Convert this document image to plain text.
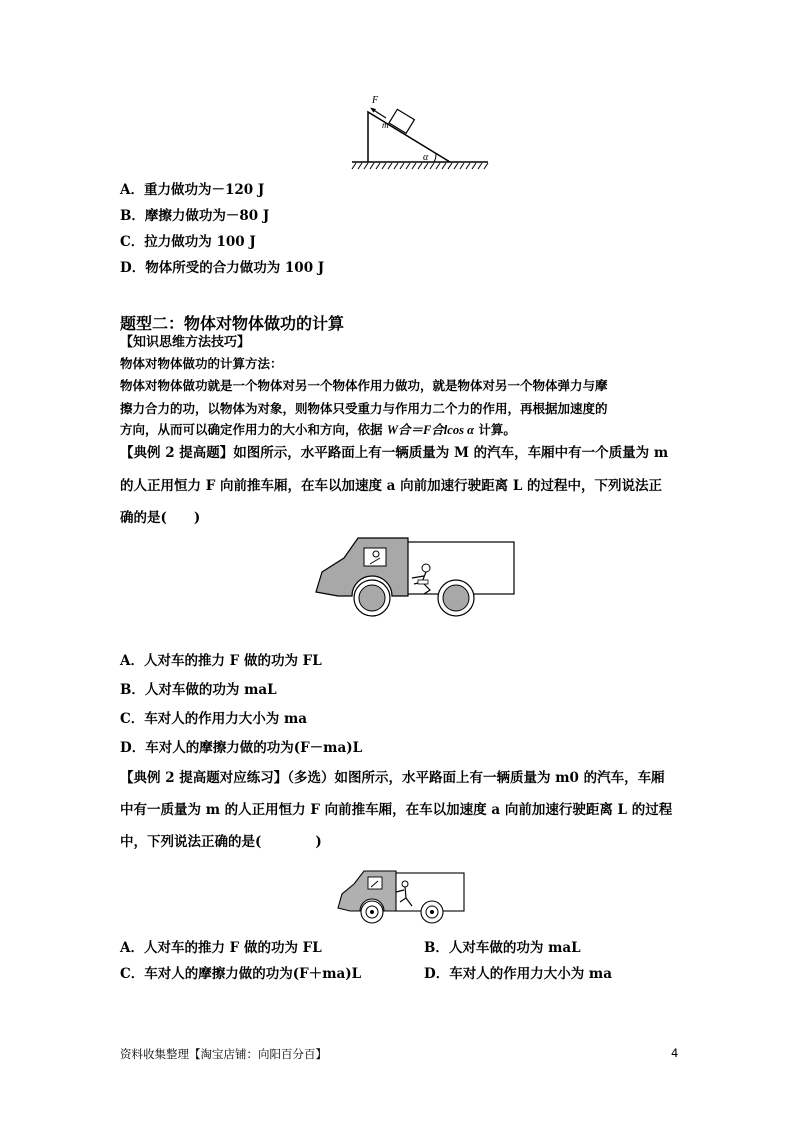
F
m
α
A．重力做功为－120 J
B．摩擦力做功为－80 J
C．拉力做功为 100 J
D．物体所受的合力做功为 100 J
题型二：物体对物体做功的计算
【知识思维方法技巧】
物体对物体做功的计算方法：
物体对物体做功就是一个物体对另一个物体作用力做功，就是物体对另一个物体弹力与摩
擦力合力的功，以物体为对象，则物体只受重力与作用力二个力的作用，再根据加速度的
方向，从而可以确定作用力的大小和方向，依据 W合＝F合lcos α 计算。
【典例 2 提高题】如图所示，水平路面上有一辆质量为 M 的汽车，车厢中有一个质量为 m
的人正用恒力 F 向前推车厢，在车以加速度 a 向前加速行驶距离 L 的过程中，下列说法正
确的是(　　)
A．人对车的推力 F 做的功为 FL
B．人对车做的功为 maL
C．车对人的作用力大小为 ma
D．车对人的摩擦力做的功为(F－ma)L
【典例 2 提高题对应练习】（多选）如图所示，水平路面上有一辆质量为 m0 的汽车，车厢
中有一质量为 m 的人正用恒力 F 向前推车厢，在车以加速度 a 向前加速行驶距离 L 的过程
中，下列说法正确的是(　　　　)
A．人对车的推力 F 做的功为 FL	B．人对车做的功为 maL
C．车对人的摩擦力做的功为(F＋ma)L	D．车对人的作用力大小为 ma
资料收集整理【淘宝店铺：向阳百分百】	4
